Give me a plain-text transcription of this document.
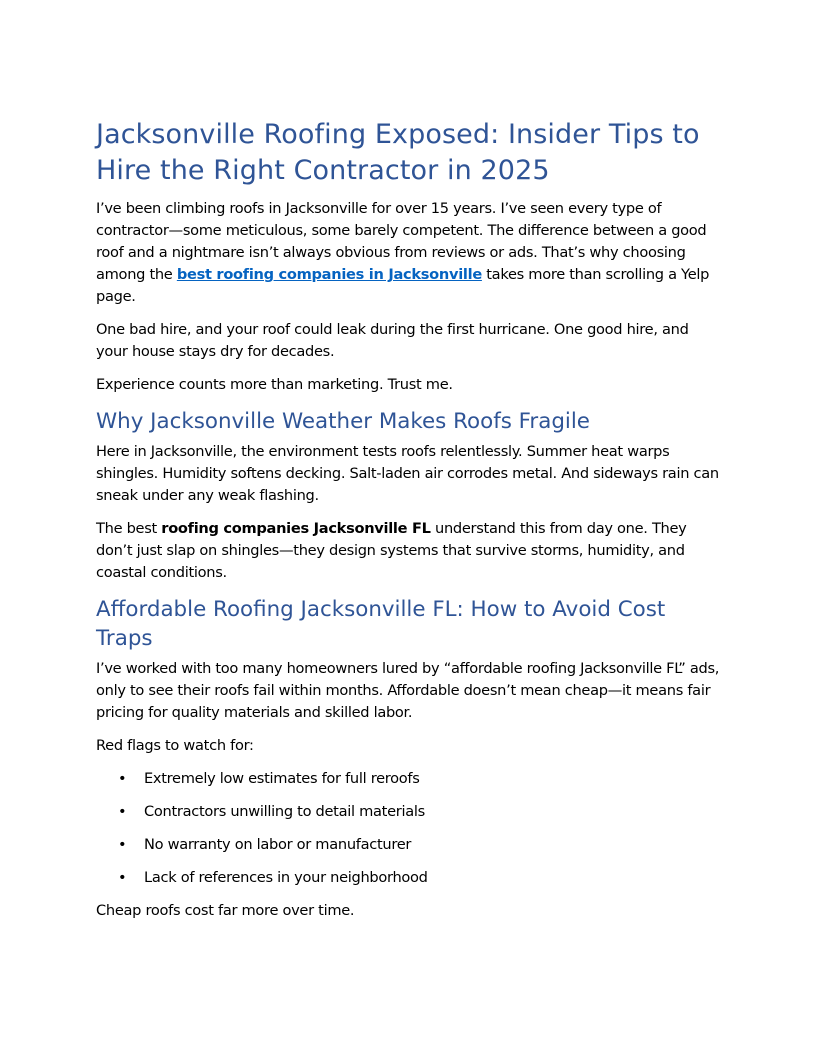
Jacksonville Roofing Exposed: Insider Tips to Hire the Right Contractor in 2025

I’ve been climbing roofs in Jacksonville for over 15 years. I’ve seen every type of contractor—some meticulous, some barely competent. The difference between a good roof and a nightmare isn’t always obvious from reviews or ads. That’s why choosing among the best roofing companies in Jacksonville takes more than scrolling a Yelp page.

One bad hire, and your roof could leak during the first hurricane. One good hire, and your house stays dry for decades.

Experience counts more than marketing. Trust me.

Why Jacksonville Weather Makes Roofs Fragile

Here in Jacksonville, the environment tests roofs relentlessly. Summer heat warps shingles. Humidity softens decking. Salt-laden air corrodes metal. And sideways rain can sneak under any weak flashing.

The best roofing companies Jacksonville FL understand this from day one. They don’t just slap on shingles—they design systems that survive storms, humidity, and coastal conditions.

Affordable Roofing Jacksonville FL: How to Avoid Cost Traps

I’ve worked with too many homeowners lured by “affordable roofing Jacksonville FL” ads, only to see their roofs fail within months. Affordable doesn’t mean cheap—it means fair pricing for quality materials and skilled labor.

Red flags to watch for:

• Extremely low estimates for full reroofs
• Contractors unwilling to detail materials
• No warranty on labor or manufacturer
• Lack of references in your neighborhood

Cheap roofs cost far more over time.
